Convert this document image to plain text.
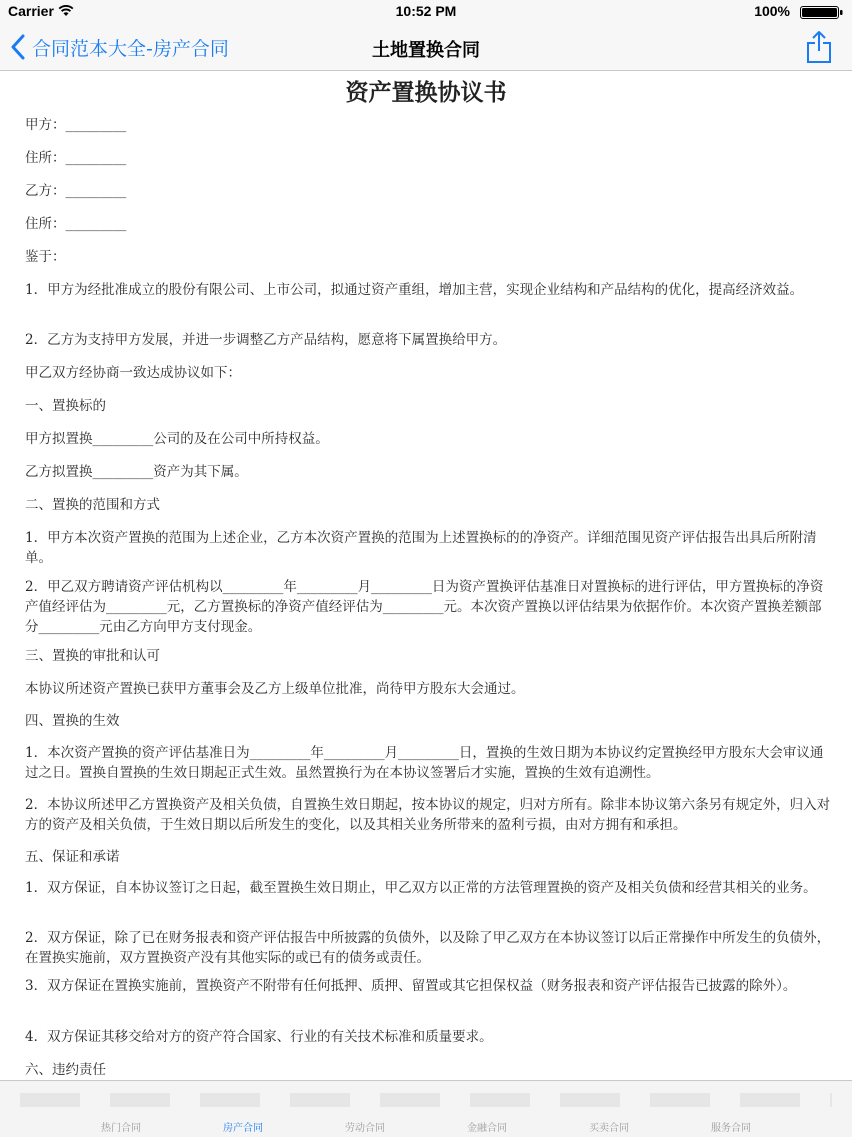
Carrier	10:52 PM	100%
合同范本大全-房产合同	土地置换合同
资产置换协议书

甲方：_________

住所：_________

乙方：_________

住所：_________

鉴于：

1．甲方为经批准成立的股份有限公司、上市公司，拟通过资产重组，增加主营，实现企业结构和产品结构的优化，提高经济效益。

2．乙方为支持甲方发展，并进一步调整乙方产品结构，愿意将下属置换给甲方。

甲乙双方经协商一致达成协议如下：

一、置换标的

甲方拟置换_________公司的及在公司中所持权益。

乙方拟置换_________资产为其下属。

二、置换的范围和方式

1．甲方本次资产置换的范围为上述企业，乙方本次资产置换的范围为上述置换标的的净资产。详细范围见资产评估报告出具后所附清单。

2．甲乙双方聘请资产评估机构以_________年_________月_________日为资产置换评估基准日对置换标的进行评估，甲方置换标的净资产值经评估为_________元，乙方置换标的净资产值经评估为_________元。本次资产置换以评估结果为依据作价。本次资产置换差额部分_________元由乙方向甲方支付现金。

三、置换的审批和认可

本协议所述资产置换已获甲方董事会及乙方上级单位批准，尚待甲方股东大会通过。

四、置换的生效

1．本次资产置换的资产评估基准日为_________年_________月_________日，置换的生效日期为本协议约定置换经甲方股东大会审议通过之日。置换自置换的生效日期起正式生效。虽然置换行为在本协议签署后才实施，置换的生效有追溯性。

2．本协议所述甲乙方置换资产及相关负债，自置换生效日期起，按本协议的规定，归对方所有。除非本协议第六条另有规定外，归入对方的资产及相关负债，于生效日期以后所发生的变化，以及其相关业务所带来的盈利亏损，由对方拥有和承担。

五、保证和承诺

1．双方保证，自本协议签订之日起，截至置换生效日期止，甲乙双方以正常的方法管理置换的资产及相关负债和经营其相关的业务。

2．双方保证，除了已在财务报表和资产评估报告中所披露的负债外，以及除了甲乙双方在本协议签订以后正常操作中所发生的负债外，在置换实施前，双方置换资产没有其他实际的或已有的债务或责任。

3．双方保证在置换实施前，置换资产不附带有任何抵押、质押、留置或其它担保权益（财务报表和资产评估报告已披露的除外）。

4．双方保证其移交给对方的资产符合国家、行业的有关技术标准和质量要求。

六、违约责任

热门合同	房产合同	劳动合同	金融合同	买卖合同	服务合同
